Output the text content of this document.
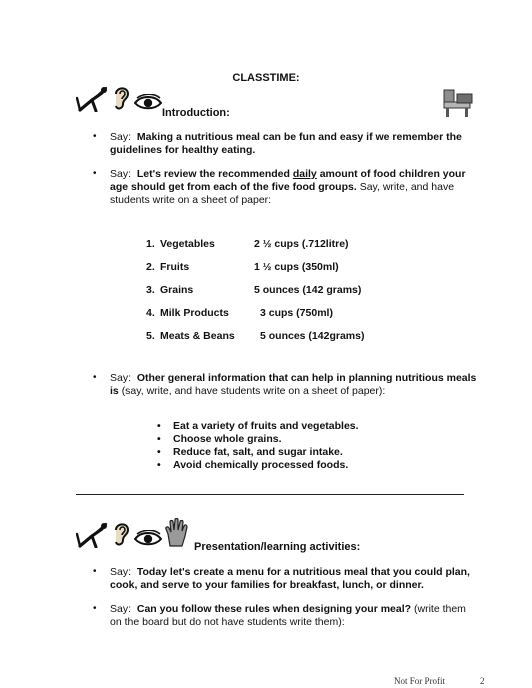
CLASSTIME:
Introduction:
• Say: Making a nutritious meal can be fun and easy if we remember the guidelines for healthy eating.
• Say: Let's review the recommended daily amount of food children your age should get from each of the five food groups. Say, write, and have students write on a sheet of paper:
1. Vegetables	2 ½ cups (.712litre)
2. Fruits	1 ½ cups (350ml)
3. Grains	5 ounces (142 grams)
4. Milk Products	3 cups (750ml)
5. Meats & Beans	5 ounces (142grams)
• Say: Other general information that can help in planning nutritious meals is (say, write, and have students write on a sheet of paper):
• Eat a variety of fruits and vegetables.
• Choose whole grains.
• Reduce fat, salt, and sugar intake.
• Avoid chemically processed foods.
Presentation/learning activities:
• Say: Today let's create a menu for a nutritious meal that you could plan, cook, and serve to your families for breakfast, lunch, or dinner.
• Say: Can you follow these rules when designing your meal? (write them on the board but do not have students write them):
Not For Profit	2
